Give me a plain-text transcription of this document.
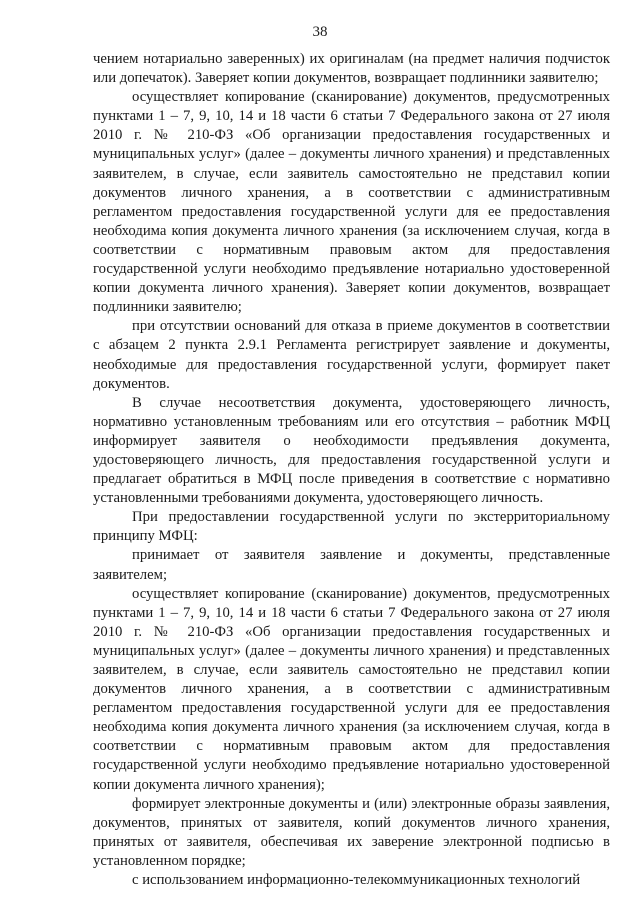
38

чением нотариально заверенных) их оригиналам (на предмет наличия подчисток или допечаток). Заверяет копии документов, возвращает подлинники заявителю;

осуществляет копирование (сканирование) документов, предусмотренных пунктами 1 – 7, 9, 10, 14 и 18 части 6 статьи 7 Федерального закона от 27 июля 2010 г. № 210-ФЗ «Об организации предоставления государственных и муниципальных услуг» (далее – документы личного хранения) и представленных заявителем, в случае, если заявитель самостоятельно не представил копии документов личного хранения, а в соответствии с административным регламентом предоставления государственной услуги для ее предоставления необходима копия документа личного хранения (за исключением случая, когда в соответствии с нормативным правовым актом для предоставления государственной услуги необходимо предъявление нотариально удостоверенной копии документа личного хранения). Заверяет копии документов, возвращает подлинники заявителю;

при отсутствии оснований для отказа в приеме документов в соответствии с абзацем 2 пункта 2.9.1 Регламента регистрирует заявление и документы, необходимые для предоставления государственной услуги, формирует пакет документов.

В случае несоответствия документа, удостоверяющего личность, нормативно установленным требованиям или его отсутствия – работник МФЦ информирует заявителя о необходимости предъявления документа, удостоверяющего личность, для предоставления государственной услуги и предлагает обратиться в МФЦ после приведения в соответствие с нормативно установленными требованиями документа, удостоверяющего личность.

При предоставлении государственной услуги по экстерриториальному принципу МФЦ:

принимает от заявителя заявление и документы, представленные заявителем;

осуществляет копирование (сканирование) документов, предусмотренных пунктами 1 – 7, 9, 10, 14 и 18 части 6 статьи 7 Федерального закона от 27 июля 2010 г. № 210-ФЗ «Об организации предоставления государственных и муниципальных услуг» (далее – документы личного хранения) и представленных заявителем, в случае, если заявитель самостоятельно не представил копии документов личного хранения, а в соответствии с административным регламентом предоставления государственной услуги для ее предоставления необходима копия документа личного хранения (за исключением случая, когда в соответствии с нормативным правовым актом для предоставления государственной услуги необходимо предъявление нотариально удостоверенной копии документа личного хранения);

формирует электронные документы и (или) электронные образы заявления, документов, принятых от заявителя, копий документов личного хранения, принятых от заявителя, обеспечивая их заверение электронной подписью в установленном порядке;

с использованием информационно-телекоммуникационных технологий
